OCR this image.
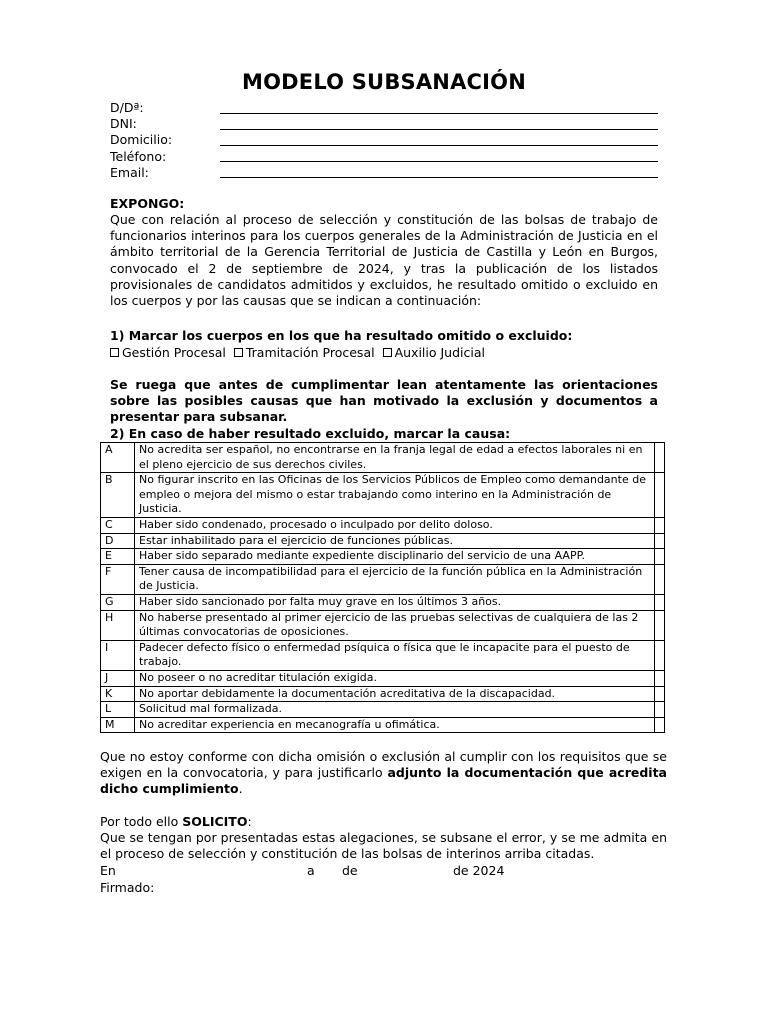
MODELO SUBSANACIÓN
D/Dª:
DNI:
Domicilio:
Teléfono:
Email:
EXPONGO:
Que con relación al proceso de selección y constitución de las bolsas de trabajo de funcionarios interinos para los cuerpos generales de la Administración de Justicia en el ámbito territorial de la Gerencia Territorial de Justicia de Castilla y León en Burgos, convocado el 2 de septiembre de 2024, y tras la publicación de los listados provisionales de candidatos admitidos y excluidos, he resultado omitido o excluido en los cuerpos y por las causas que se indican a continuación:
1) Marcar los cuerpos en los que ha resultado omitido o excluido:
Gestión Procesal Tramitación Procesal Auxilio Judicial
Se ruega que antes de cumplimentar lean atentamente las orientaciones sobre las posibles causas que han motivado la exclusión y documentos a presentar para subsanar.
2) En caso de haber resultado excluido, marcar la causa:
A	No acredita ser español, no encontrarse en la franja legal de edad a efectos laborales ni en el pleno ejercicio de sus derechos civiles.	
B	No figurar inscrito en las Oficinas de los Servicios Públicos de Empleo como demandante de empleo o mejora del mismo o estar trabajando como interino en la Administración de Justicia.	
C	Haber sido condenado, procesado o inculpado por delito doloso.	
D	Estar inhabilitado para el ejercicio de funciones públicas.	
E	Haber sido separado mediante expediente disciplinario del servicio de una AAPP.	
F	Tener causa de incompatibilidad para el ejercicio de la función pública en la Administración de Justicia.	
G	Haber sido sancionado por falta muy grave en los últimos 3 años.	
H	No haberse presentado al primer ejercicio de las pruebas selectivas de cualquiera de las 2 últimas convocatorias de oposiciones.	
I	Padecer defecto físico o enfermedad psíquica o física que le incapacite para el puesto de trabajo.	
J	No poseer o no acreditar titulación exigida.	
K	No aportar debidamente la documentación acreditativa de la discapacidad.	
L	Solicitud mal formalizada.	
M	No acreditar experiencia en mecanografía u ofimática.	
Que no estoy conforme con dicha omisión o exclusión al cumplir con los requisitos que se exigen en la convocatoria, y para justificarlo adjunto la documentación que acredita dicho cumplimiento.
Por todo ello SOLICITO:
Que se tengan por presentadas estas alegaciones, se subsane el error, y se me admita en el proceso de selección y constitución de las bolsas de interinos arriba citadas.
En	a de	de 2024
Firmado:
